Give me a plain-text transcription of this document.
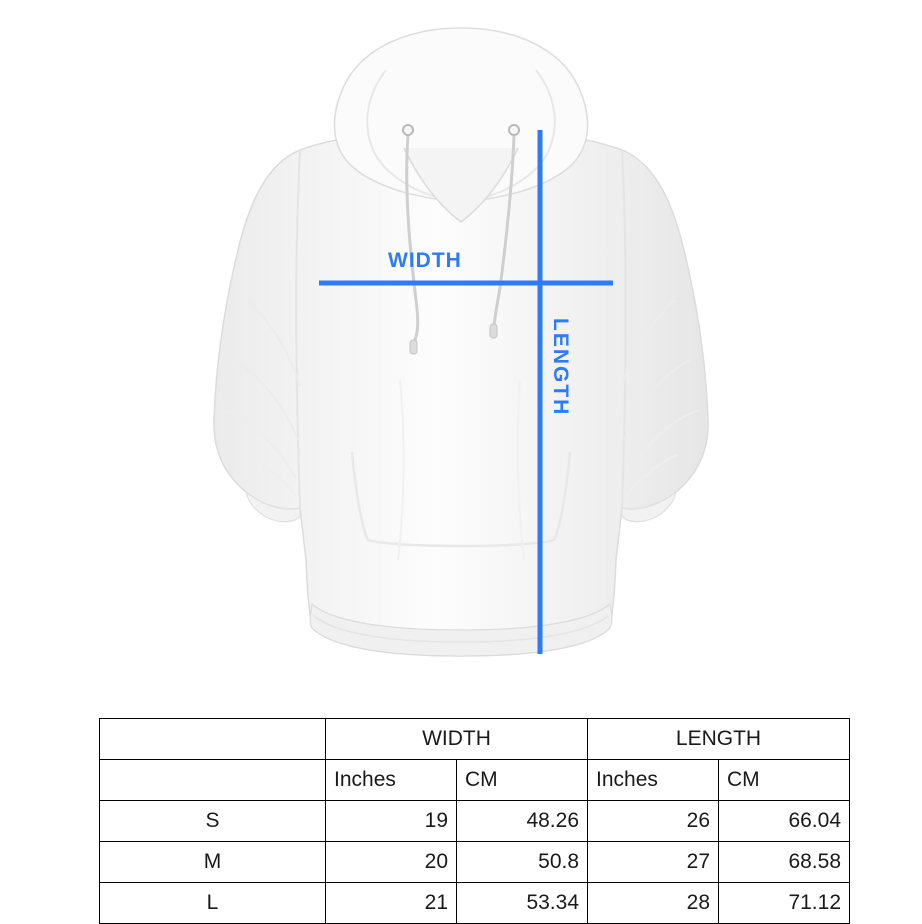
WIDTH
LENGTH
	WIDTH		LENGTH	
	Inches	CM	Inches	CM
S	19	48.26	26	66.04
M	20	50.8	27	68.58
L	21	53.34	28	71.12
